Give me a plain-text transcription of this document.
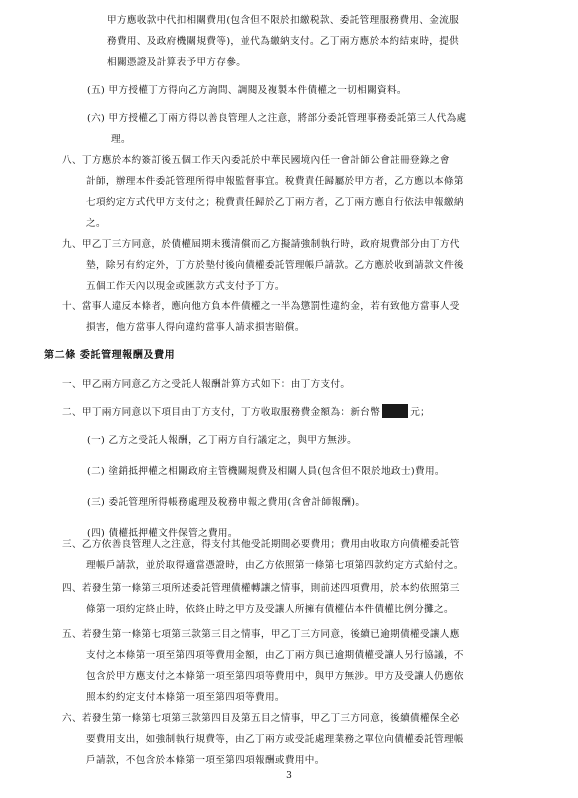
甲方應收款中代扣相關費用(包含但不限於扣繳税款、委託管理服務費用、金流服
務費用、及政府機關規費等)，並代為繳納支付。乙丁兩方應於本約結束時，提供
相關憑證及計算表予甲方存參。
(五) 甲方授權丁方得向乙方詢問、調閱及複製本件債權之一切相關資料。
(六) 甲方授權乙丁兩方得以善良管理人之注意，將部分委託管理事務委託第三人代為處
理。
八、丁方應於本約簽訂後五個工作天內委託於中華民國境內任一會計師公會註冊登錄之會
計師，辦理本件委託管理所得申報監督事宜。稅費責任歸屬於甲方者，乙方應以本條第
七項約定方式代甲方支付之；稅費責任歸於乙丁兩方者，乙丁兩方應自行依法申報繳納
之。
九、甲乙丁三方同意，於債權屆期未獲清償而乙方擬請強制執行時，政府規費部分由丁方代
墊，除另有約定外，丁方於墊付後向債權委託管理帳戶請款。乙方應於收到請款文件後
五個工作天內以現金或匯款方式支付予丁方。
十、當事人違反本條者，應向他方負本件債權之一半為懲罰性違約金，若有致他方當事人受
損害，他方當事人得向違約當事人請求損害賠償。
第二條 委託管理報酬及費用
一、甲乙兩方同意乙方之受託人報酬計算方式如下：由丁方支付。
二、甲丁兩方同意以下項目由丁方支付，丁方收取服務費金額為：新台幣	元；
(一) 乙方之受託人報酬，乙丁兩方自行議定之，與甲方無涉。
(二) 塗銷抵押權之相關政府主管機關規費及相關人員(包含但不限於地政士)費用。
(三) 委託管理所得帳務處理及稅務申報之費用(含會計師報酬)。
(四) 債權抵押權文件保管之費用。
三、乙方依善良管理人之注意，得支付其他受託期間必要費用；費用由收取方向債權委託管
理帳戶請款，並於取得適當憑證時，由乙方依照第一條第七項第四款約定方式給付之。
四、若發生第一條第三項所述委託管理債權轉讓之情事，則前述四項費用，於本約依照第三
條第一項約定終止時，依終止時之甲方及受讓人所擁有債權佔本件債權比例分攤之。
五、若發生第一條第七項第三款第三目之情事，甲乙丁三方同意，後續已逾期債權受讓人應
支付之本條第一項至第四項等費用金額，由乙丁兩方與已逾期債權受讓人另行協議，不
包含於甲方應支付之本條第一項至第四項等費用中，與甲方無涉。甲方及受讓人仍應依
照本約約定支付本條第一項至第四項等費用。
六、若發生第一條第七項第三款第四目及第五目之情事，甲乙丁三方同意，後續債權保全必
要費用支出，如強制執行規費等，由乙丁兩方或受託處理業務之單位向債權委託管理帳
戶請款，不包含於本條第一項至第四項報酬或費用中。
3
